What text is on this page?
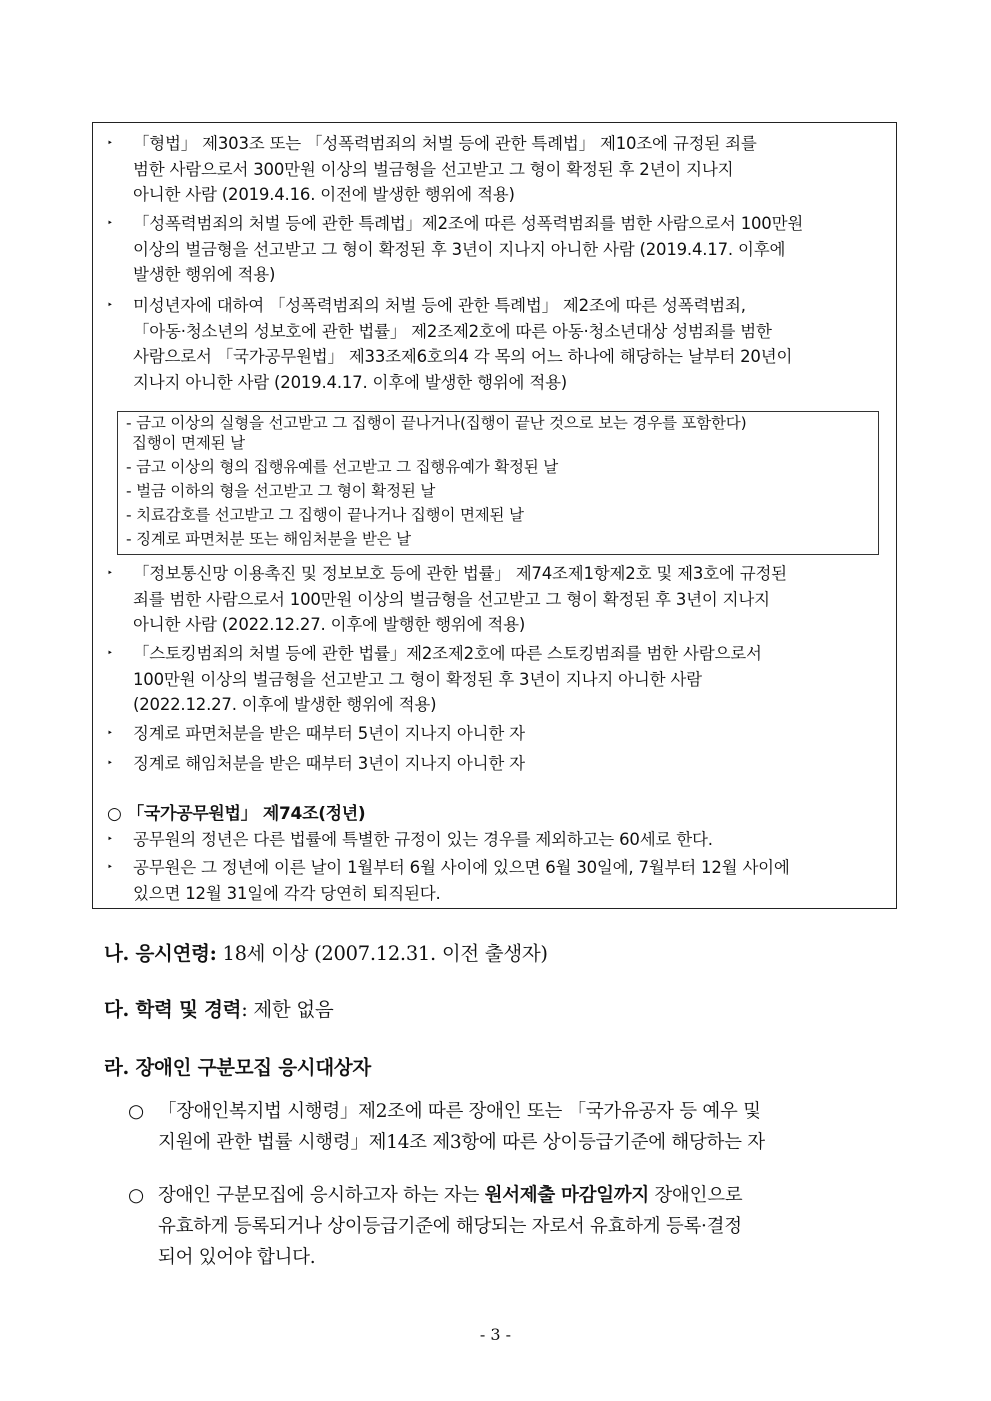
‣ 「형법」 제303조 또는 「성폭력범죄의 처벌 등에 관한 특례법」 제10조에 규정된 죄를
범한 사람으로서 300만원 이상의 벌금형을 선고받고 그 형이 확정된 후 2년이 지나지
아니한 사람 (2019.4.16. 이전에 발생한 행위에 적용)
‣ 「성폭력범죄의 처벌 등에 관한 특례법」제2조에 따른 성폭력범죄를 범한 사람으로서 100만원
이상의 벌금형을 선고받고 그 형이 확정된 후 3년이 지나지 아니한 사람 (2019.4.17. 이후에
발생한 행위에 적용)
‣ 미성년자에 대하여 「성폭력범죄의 처벌 등에 관한 특례법」 제2조에 따른 성폭력범죄,
「아동·청소년의 성보호에 관한 법률」 제2조제2호에 따른 아동·청소년대상 성범죄를 범한
사람으로서 「국가공무원법」 제33조제6호의4 각 목의 어느 하나에 해당하는 날부터 20년이
지나지 아니한 사람 (2019.4.17. 이후에 발생한 행위에 적용)
- 금고 이상의 실형을 선고받고 그 집행이 끝나거나(집행이 끝난 것으로 보는 경우를 포함한다)
집행이 면제된 날
- 금고 이상의 형의 집행유예를 선고받고 그 집행유예가 확정된 날
- 벌금 이하의 형을 선고받고 그 형이 확정된 날
- 치료감호를 선고받고 그 집행이 끝나거나 집행이 면제된 날
- 징계로 파면처분 또는 해임처분을 받은 날
‣ 「정보통신망 이용촉진 및 정보보호 등에 관한 법률」 제74조제1항제2호 및 제3호에 규정된
죄를 범한 사람으로서 100만원 이상의 벌금형을 선고받고 그 형이 확정된 후 3년이 지나지
아니한 사람 (2022.12.27. 이후에 발행한 행위에 적용)
‣ 「스토킹범죄의 처벌 등에 관한 법률」제2조제2호에 따른 스토킹범죄를 범한 사람으로서
100만원 이상의 벌금형을 선고받고 그 형이 확정된 후 3년이 지나지 아니한 사람
(2022.12.27. 이후에 발생한 행위에 적용)
‣ 징계로 파면처분을 받은 때부터 5년이 지나지 아니한 자
‣ 징계로 해임처분을 받은 때부터 3년이 지나지 아니한 자
○ 「국가공무원법」 제74조(정년)
‣ 공무원의 정년은 다른 법률에 특별한 규정이 있는 경우를 제외하고는 60세로 한다.
‣ 공무원은 그 정년에 이른 날이 1월부터 6월 사이에 있으면 6월 30일에, 7월부터 12월 사이에
있으면 12월 31일에 각각 당연히 퇴직된다.
나. 응시연령: 18세 이상 (2007.12.31. 이전 출생자)
다. 학력 및 경력: 제한 없음
라. 장애인 구분모집 응시대상자
○ 「장애인복지법 시행령」제2조에 따른 장애인 또는 「국가유공자 등 예우 및
지원에 관한 법률 시행령」제14조 제3항에 따른 상이등급기준에 해당하는 자
○ 장애인 구분모집에 응시하고자 하는 자는 원서제출 마감일까지 장애인으로
유효하게 등록되거나 상이등급기준에 해당되는 자로서 유효하게 등록·결정
되어 있어야 합니다.
- 3 -
